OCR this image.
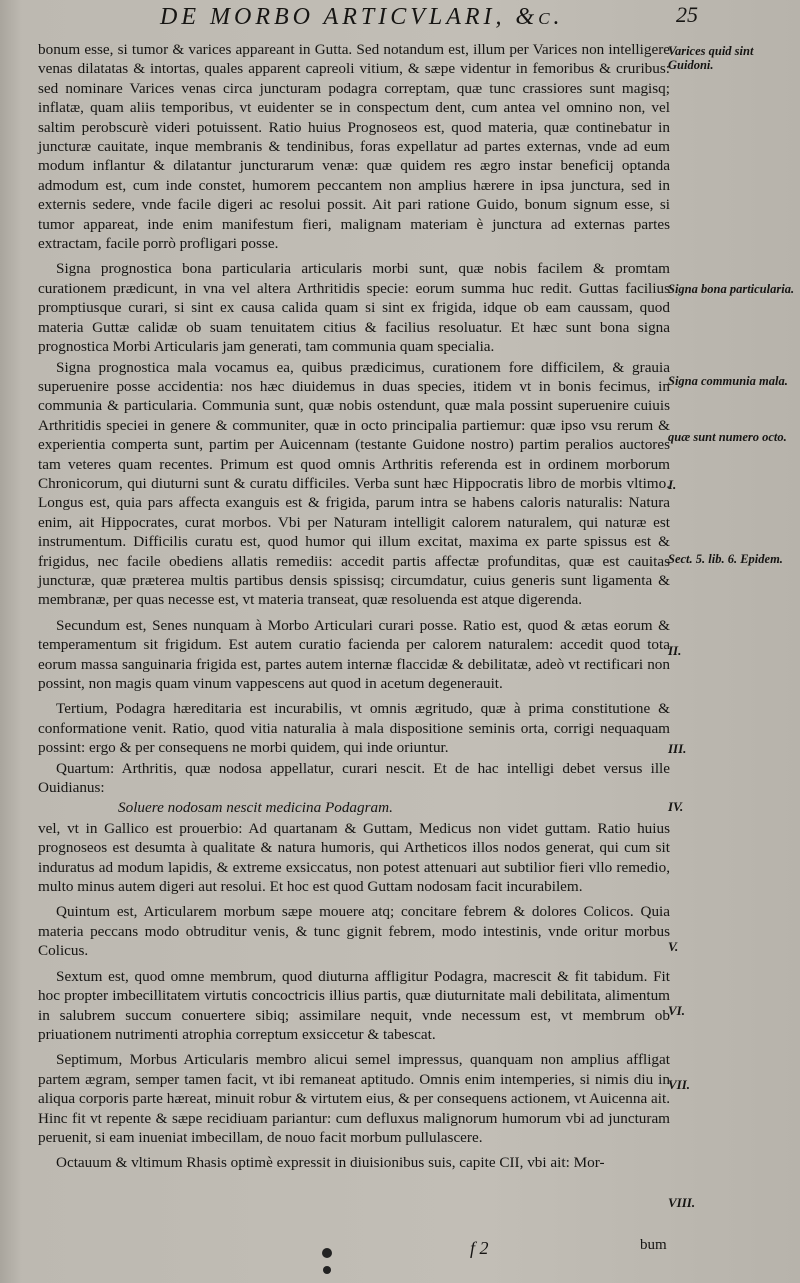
DE MORBO ARTICVLARI, &c.	25

bonum esse, si tumor & varices appareant in Gutta. Sed notandum est, illum per Varices non intelligere venas dilatatas & intortas, quales apparent capreoli vitium, & sæpe videntur in femoribus & cruribus: sed nominare Varices venas circa juncturam podagra correptam, quæ tunc crassiores sunt magisq; inflatæ, quam aliis temporibus, vt euidenter se in conspectum dent, cum antea vel omnino non, vel saltim perobscurè videri potuissent. Ratio huius Prognoseos est, quod materia, quæ continebatur in juncturæ cauitate, inque membranis & tendinibus, foras expellatur ad partes externas, vnde ad eum modum inflantur & dilatantur juncturarum venæ: quæ quidem res ægro instar beneficij optanda admodum est, cum inde constet, humorem peccantem non amplius hærere in ipsa junctura, sed in externis sedere, vnde facile digeri ac resolui possit. Ait pari ratione Guido, bonum signum esse, si tumor appareat, inde enim manifestum fieri, malignam materiam è junctura ad externas partes extractam, facile porrò profligari posse.

Signa prognostica bona particularia articularis morbi sunt, quæ nobis facilem & promtam curationem prædicunt, in vna vel altera Arthritidis specie: eorum summa huc redit. Guttas facilius promptiusque curari, si sint ex causa calida quam si sint ex frigida, idque ob eam caussam, quod materia Guttæ calidæ ob suam tenuitatem citius & facilius resoluatur. Et hæc sunt bona signa prognostica Morbi Articularis jam generati, tam communia quam specialia.

Signa prognostica mala vocamus ea, quibus prædicimus, curationem fore difficilem, & grauia superuenire posse accidentia: nos hæc diuidemus in duas species, itidem vt in bonis fecimus, in communia & particularia. Communia sunt, quæ nobis ostendunt, quæ mala possint superuenire cuiuis Arthritidis speciei in genere & communiter, quæ in octo principalia partiemur: quæ ipso vsu rerum & experientia comperta sunt, partim per Auicennam (testante Guidone nostro) partim peralios auctores tam veteres quam recentes. Primum est quod omnis Arthritis referenda est in ordinem morborum Chronicorum, qui diuturni sunt & curatu difficiles. Verba sunt hæc Hippocratis libro de morbis vltimo. Longus est, quia pars affecta exanguis est & frigida, parum intra se habens caloris naturalis: Natura enim, ait Hippocrates, curat morbos. Vbi per Naturam intelligit calorem naturalem, qui naturæ est instrumentum. Difficilis curatu est, quod humor qui illum excitat, maxima ex parte spissus est & frigidus, nec facile obediens allatis remediis: accedit partis affectæ profunditas, quæ est cauitas juncturæ, quæ præterea multis partibus densis spissisq; circumdatur, cuius generis sunt ligamenta & membranæ, per quas necesse est, vt materia transeat, quæ resoluenda est atque digerenda.

Secundum est, Senes nunquam à Morbo Articulari curari posse. Ratio est, quod & ætas eorum & temperamentum sit frigidum. Est autem curatio facienda per calorem naturalem: accedit quod tota eorum massa sanguinaria frigida est, partes autem internæ flaccidæ & debilitatæ, adeò vt rectificari non possint, non magis quam vinum vappescens aut quod in acetum degenerauit.

Tertium, Podagra hæreditaria est incurabilis, vt omnis ægritudo, quæ à prima constitutione & conformatione venit. Ratio, quod vitia naturalia à mala dispositione seminis orta, corrigi nequaquam possint: ergo & per consequens ne morbi quidem, qui inde oriuntur.

Quartum: Arthritis, quæ nodosa appellatur, curari nescit. Et de hac intelligi debet versus ille Ouidianus:

Soluere nodosam nescit medicina Podagram.

vel, vt in Gallico est prouerbio: Ad quartanam & Guttam, Medicus non videt guttam. Ratio huius prognoseos est desumta à qualitate & natura humoris, qui Artheticos illos nodos generat, qui cum sit induratus ad modum lapidis, & extreme exsiccatus, non potest attenuari aut subtilior fieri vllo remedio, multo minus autem digeri aut resolui. Et hoc est quod Guttam nodosam facit incurabilem.

Quintum est, Articularem morbum sæpe mouere atq; concitare febrem & dolores Colicos. Quia materia peccans modo obtruditur venis, & tunc gignit febrem, modo intestinis, vnde oritur morbus Colicus.

Sextum est, quod omne membrum, quod diuturna affligitur Podagra, macrescit & fit tabidum. Fit hoc propter imbecillitatem virtutis concoctricis illius partis, quæ diuturnitate mali debilitata, alimentum in salubrem succum conuertere sibiq; assimilare nequit, vnde necessum est, vt membrum ob priuationem nutrimenti atrophia correptum exsiccetur & tabescat.

Septimum, Morbus Articularis membro alicui semel impressus, quanquam non amplius affligat partem ægram, semper tamen facit, vt ibi remaneat aptitudo. Omnis enim intemperies, si nimis diu in aliqua corporis parte hæreat, minuit robur & virtutem eius, & per consequens actionem, vt Auicenna ait. Hinc fit vt repente & sæpe recidiuam pariantur: cum defluxus malignorum humorum vbi ad juncturam peruenit, si eam inueniat imbecillam, de nouo facit morbum pullulascere.

Octauum & vltimum Rhasis optimè expressit in diuisionibus suis, capite CII, vbi ait: Mor-

Varices quid sint Guidoni.
Signa bona particularia.
Signa communia mala.
quæ sunt numero octo.
I.
Sect. 5. lib. 6. Epidem.
II.
III.
IV.
V.
VI.
VII.
VIII.
f 2	bum
